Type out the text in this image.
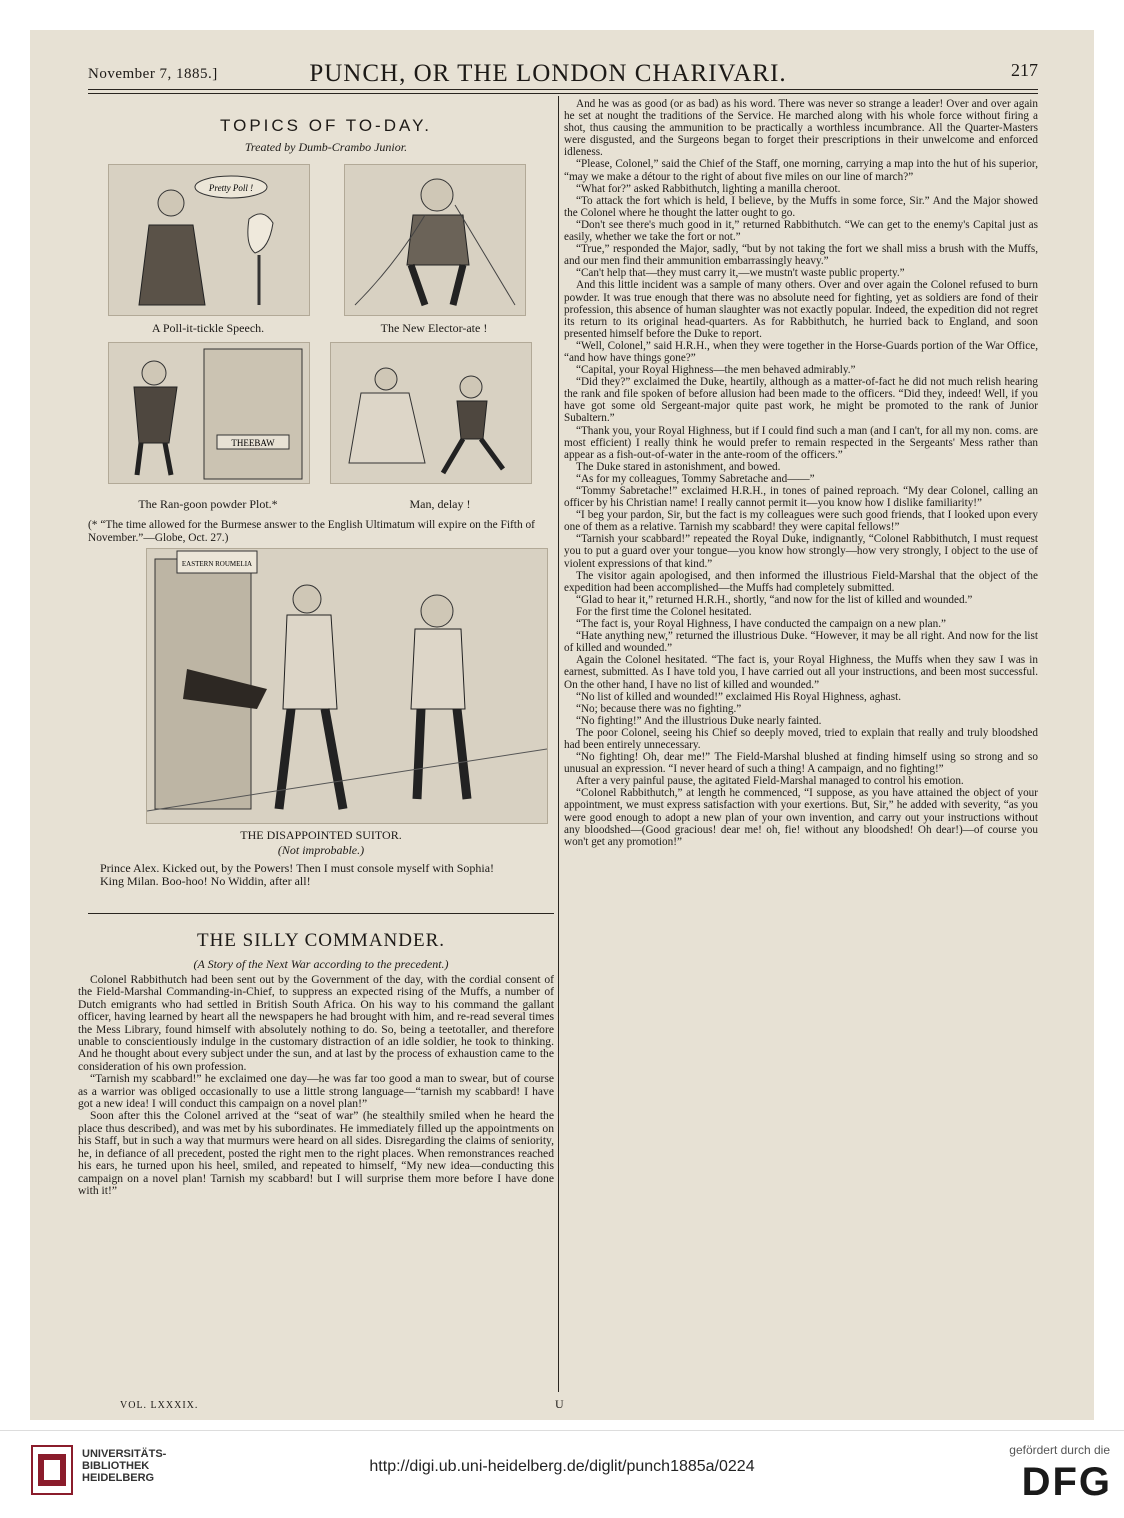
November 7, 1885.]	PUNCH, OR THE LONDON CHARIVARI.	217
TOPICS OF TO-DAY.
Treated by Dumb-Crambo Junior.
Pretty Poll !
A Poll-it-tickle Speech.	The New Elector-ate !
THEEBAW
The Ran-goon powder Plot.*	Man, delay !
(* “The time allowed for the Burmese answer to the English Ultimatum will expire on the Fifth of November.”—Globe, Oct. 27.)
EASTERN ROUMELIA
THE DISAPPOINTED SUITOR.
(Not improbable.)

Prince Alex. Kicked out, by the Powers! Then I must console myself with Sophia!

King Milan. Boo-hoo! No Widdin, after all!

THE SILLY COMMANDER.
(A Story of the Next War according to the precedent.)

Colonel Rabbithutch had been sent out by the Government of the day, with the cordial consent of the Field-Marshal Commanding-in-Chief, to suppress an expected rising of the Muffs, a number of Dutch emigrants who had settled in British South Africa. On his way to his command the gallant officer, having learned by heart all the newspapers he had brought with him, and re-read several times the Mess Library, found himself with absolutely nothing to do. So, being a teetotaller, and therefore unable to conscientiously indulge in the customary distraction of an idle soldier, he took to thinking. And he thought about every subject under the sun, and at last by the process of exhaustion came to the consideration of his own profession.

“Tarnish my scabbard!” he exclaimed one day—he was far too good a man to swear, but of course as a warrior was obliged occasionally to use a little strong language—“tarnish my scabbard! I have got a new idea! I will conduct this campaign on a novel plan!”

Soon after this the Colonel arrived at the “seat of war” (he stealthily smiled when he heard the place thus described), and was met by his subordinates. He immediately filled up the appointments on his Staff, but in such a way that murmurs were heard on all sides. Disregarding the claims of seniority, he, in defiance of all precedent, posted the right men to the right places. When remonstrances reached his ears, he turned upon his heel, smiled, and repeated to himself, “My new idea—conducting this campaign on a novel plan! Tarnish my scabbard! but I will surprise them more before I have done with it!”

And he was as good (or as bad) as his word. There was never so strange a leader! Over and over again he set at nought the traditions of the Service. He marched along with his whole force without firing a shot, thus causing the ammunition to be practically a worthless incumbrance. All the Quarter-Masters were disgusted, and the Surgeons began to forget their prescriptions in their unwelcome and enforced idleness.

“Please, Colonel,” said the Chief of the Staff, one morning, carrying a map into the hut of his superior, “may we make a détour to the right of about five miles on our line of march?”

“What for?” asked Rabbithutch, lighting a manilla cheroot.

“To attack the fort which is held, I believe, by the Muffs in some force, Sir.” And the Major showed the Colonel where he thought the latter ought to go.

“Don't see there's much good in it,” returned Rabbithutch. “We can get to the enemy's Capital just as easily, whether we take the fort or not.”

“True,” responded the Major, sadly, “but by not taking the fort we shall miss a brush with the Muffs, and our men find their ammunition embarrassingly heavy.”

“Can't help that—they must carry it,—we mustn't waste public property.”

And this little incident was a sample of many others. Over and over again the Colonel refused to burn powder. It was true enough that there was no absolute need for fighting, yet as soldiers are fond of their profession, this absence of human slaughter was not exactly popular. Indeed, the expedition did not regret its return to its original head-quarters. As for Rabbithutch, he hurried back to England, and soon presented himself before the Duke to report.

“Well, Colonel,” said H.R.H., when they were together in the Horse-Guards portion of the War Office, “and how have things gone?”

“Capital, your Royal Highness—the men behaved admirably.”

“Did they?” exclaimed the Duke, heartily, although as a matter-of-fact he did not much relish hearing the rank and file spoken of before allusion had been made to the officers. “Did they, indeed! Well, if you have got some old Sergeant-major quite past work, he might be promoted to the rank of Junior Subaltern.”

“Thank you, your Royal Highness, but if I could find such a man (and I can't, for all my non. coms. are most efficient) I really think he would prefer to remain respected in the Sergeants' Mess rather than appear as a fish-out-of-water in the ante-room of the officers.”

The Duke stared in astonishment, and bowed.

“As for my colleagues, Tommy Sabretache and——”

“Tommy Sabretache!” exclaimed H.R.H., in tones of pained reproach. “My dear Colonel, calling an officer by his Christian name! I really cannot permit it—you know how I dislike familiarity!”

“I beg your pardon, Sir, but the fact is my colleagues were such good friends, that I looked upon every one of them as a relative. Tarnish my scabbard! they were capital fellows!”

“Tarnish your scabbard!” repeated the Royal Duke, indignantly, “Colonel Rabbithutch, I must request you to put a guard over your tongue—you know how strongly—how very strongly, I object to the use of violent expressions of that kind.”

The visitor again apologised, and then informed the illustrious Field-Marshal that the object of the expedition had been accomplished—the Muffs had completely submitted.

“Glad to hear it,” returned H.R.H., shortly, “and now for the list of killed and wounded.”

For the first time the Colonel hesitated.

“The fact is, your Royal Highness, I have conducted the campaign on a new plan.”

“Hate anything new,” returned the illustrious Duke. “However, it may be all right. And now for the list of killed and wounded.”

Again the Colonel hesitated. “The fact is, your Royal Highness, the Muffs when they saw I was in earnest, submitted. As I have told you, I have carried out all your instructions, and been most successful. On the other hand, I have no list of killed and wounded.”

“No list of killed and wounded!” exclaimed His Royal Highness, aghast.

“No; because there was no fighting.”

“No fighting!” And the illustrious Duke nearly fainted.

The poor Colonel, seeing his Chief so deeply moved, tried to explain that really and truly bloodshed had been entirely unnecessary.

“No fighting! Oh, dear me!” The Field-Marshal blushed at finding himself using so strong and so unusual an expression. “I never heard of such a thing! A campaign, and no fighting!”

After a very painful pause, the agitated Field-Marshal managed to control his emotion.

“Colonel Rabbithutch,” at length he commenced, “I suppose, as you have attained the object of your appointment, we must express satisfaction with your exertions. But, Sir,” he added with severity, “as you were good enough to adopt a new plan of your own invention, and carry out your instructions without any bloodshed—(Good gracious! dear me! oh, fie! without any bloodshed! Oh dear!)—of course you won't get any promotion!”

VOL. LXXXIX.	U
UNIVERSITÄTS-
BIBLIOTHEK
HEIDELBERG
http://digi.ub.uni-heidelberg.de/diglit/punch1885a/0224
gefördert durch die
DFG
